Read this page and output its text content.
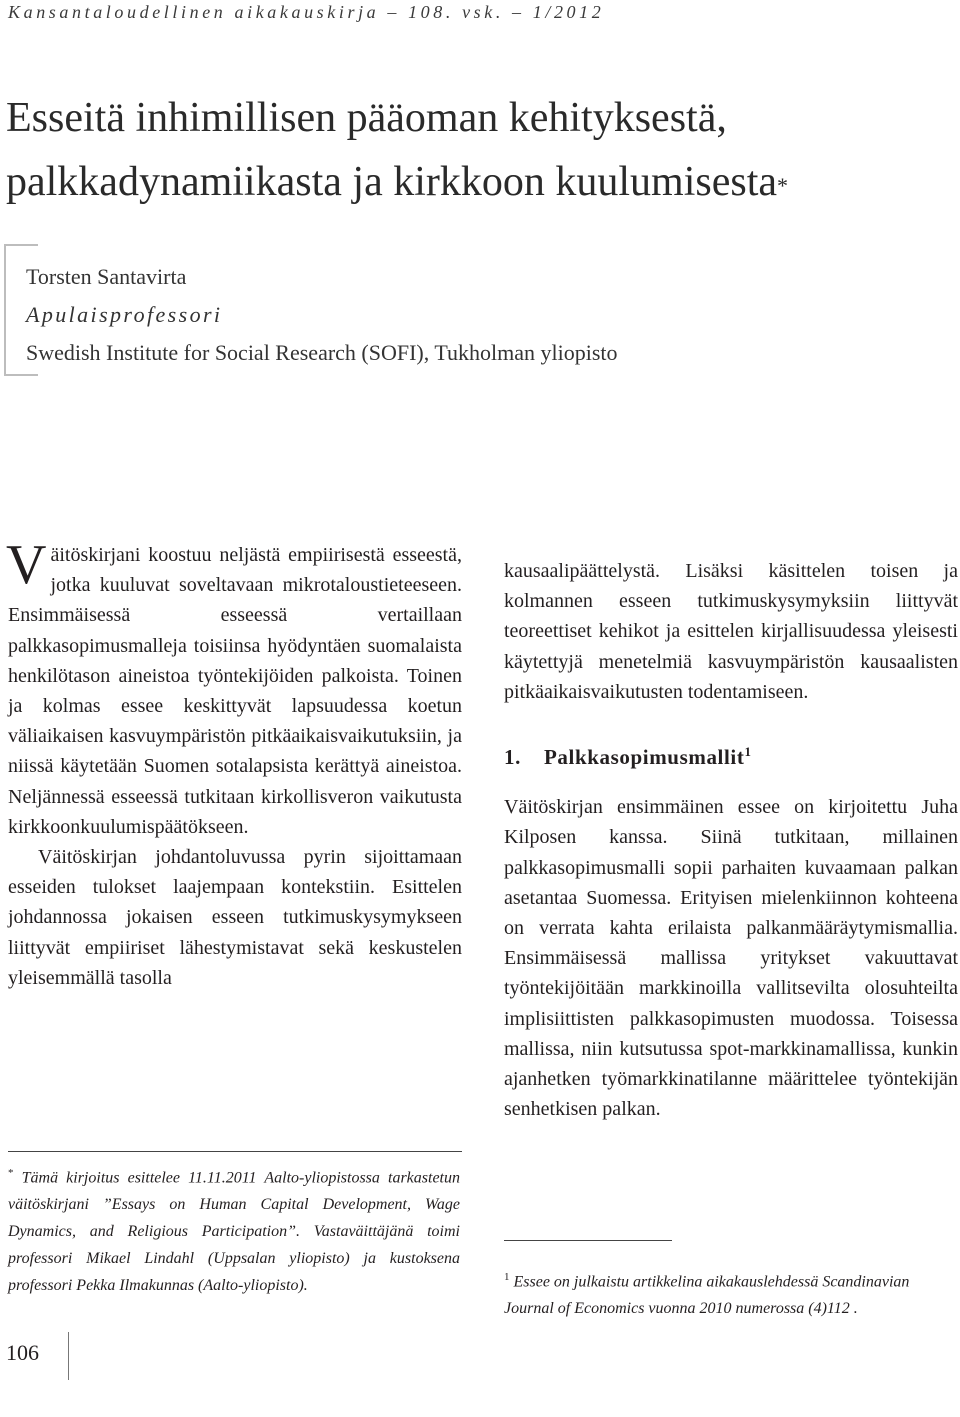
Kansantaloudellinen aikakauskirja – 108. vsk. – 1/2012
Esseitä inhimillisen pääoman kehityksestä,
palkkadynamiikasta ja kirkkoon kuulumisesta*
Torsten Santavirta
Apulaisprofessori
Swedish Institute for Social Research (SOFI), Tukholman yliopisto

Väitöskirjani koostuu neljästä empiirisestä esseestä, jotka kuuluvat soveltavaan mikrotaloustieteeseen. Ensimmäisessä esseessä vertaillaan palkkasopimusmalleja toisiinsa hyödyntäen suomalaista henkilötason aineistoa työntekijöiden palkoista. Toinen ja kolmas essee keskittyvät lapsuudessa koetun väliaikaisen kasvuympäristön pitkäaikaisvaikutuksiin, ja niissä käytetään Suomen sotalapsista kerättyä aineistoa. Neljännessä esseessä tutkitaan kirkollisveron vaikutusta kirkkoonkuulumispäätökseen.

Väitöskirjan johdantoluvussa pyrin sijoittamaan esseiden tulokset laajempaan kontekstiin. Esittelen johdannossa jokaisen esseen tutkimuskysymykseen liittyvät empiiriset lähestymistavat sekä keskustelen yleisemmällä tasolla

kausaalipäättelystä. Lisäksi käsittelen toisen ja kolmannen esseen tutkimuskysymyksiin liittyvät teoreettiset kehikot ja esittelen kirjallisuudessa yleisesti käytettyjä menetelmiä kasvuympäristön kausaalisten pitkäaikaisvaikutusten todentamiseen.

1. Palkkasopimusmallit$^1$

Väitöskirjan ensimmäinen essee on kirjoitettu Juha Kilposen kanssa. Siinä tutkitaan, millainen palkkasopimusmalli sopii parhaiten kuvaamaan palkan asetantaa Suomessa. Erityisen mielenkiinnon kohteena on verrata kahta erilaista palkanmääräytymismallia. Ensimmäisessä mallissa yritykset vakuuttavat työntekijöitään markkinoilla vallitsevilta olosuhteilta implisiittisten palkkasopimusten muodossa. Toisessa mallissa, niin kutsutussa spot-markkinamallissa, kunkin ajanhetken työmarkkinatilanne määrittelee työntekijän senhetkisen palkan.

* Tämä kirjoitus esittelee 11.11.2011 Aalto-yliopistossa tarkastetun väitöskirjani ”Essays on Human Capital Development, Wage Dynamics, and Religious Participation”. Vastaväittäjänä toimi professori Mikael Lindahl (Uppsalan yliopisto) ja kustoksena professori Pekka Ilmakunnas (Aalto-yliopisto).
$^1$ Essee on julkaistu artikkelina aikakauslehdessä Scandinavian Journal of Economics vuonna 2010 numerossa (4)112 .
106
